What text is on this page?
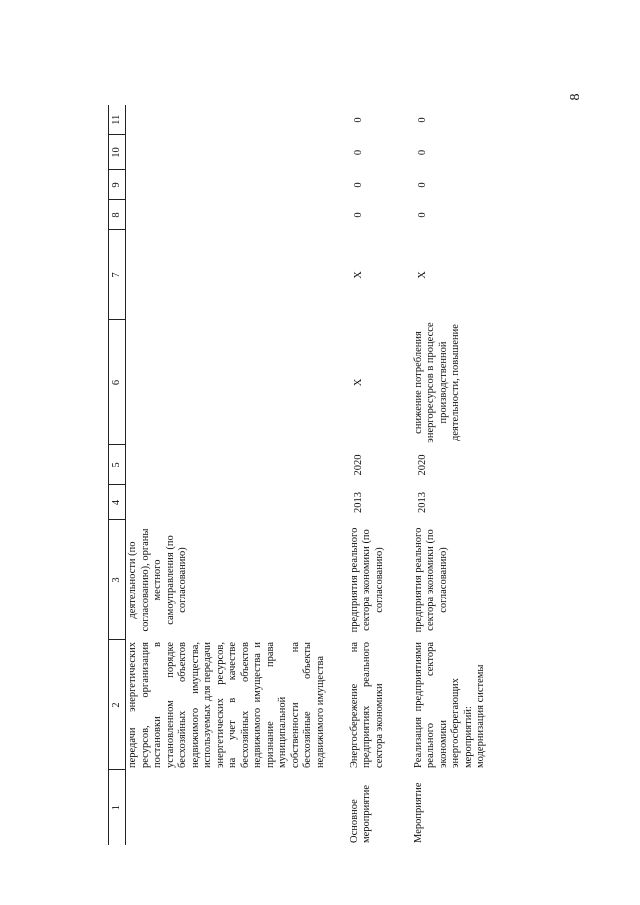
8
1	2	3	4	5	6	7	8	9	10	11
	передачи энергетических ресурсов, организация постановки в установленном порядке бесхозяйных объектов недвижимого имущества, используемых для передачи энергетических ресурсов, на учет в качестве бесхозяйных объектов недвижимого имущества и признание права муниципальной собственности на бесхозяйные объекты недвижимого имущества	деятельности (по согласованию), органы местного самоуправления (по согласованию)								
Основное мероприятие	Энергосбережение на предприятиях реального сектора экономики	предприятия реального сектора экономики (по согласованию)	2013	2020	Х	Х	0	0	0	0
Мероприятие	Реализация предприятиями реального сектора экономики энергосберегающих мероприятий: модернизация системы	предприятия реального сектора экономики (по согласованию)	2013	2020	снижение потребления энергоресурсов в процессе производственной деятельности, повышение	Х	0	0	0	0
